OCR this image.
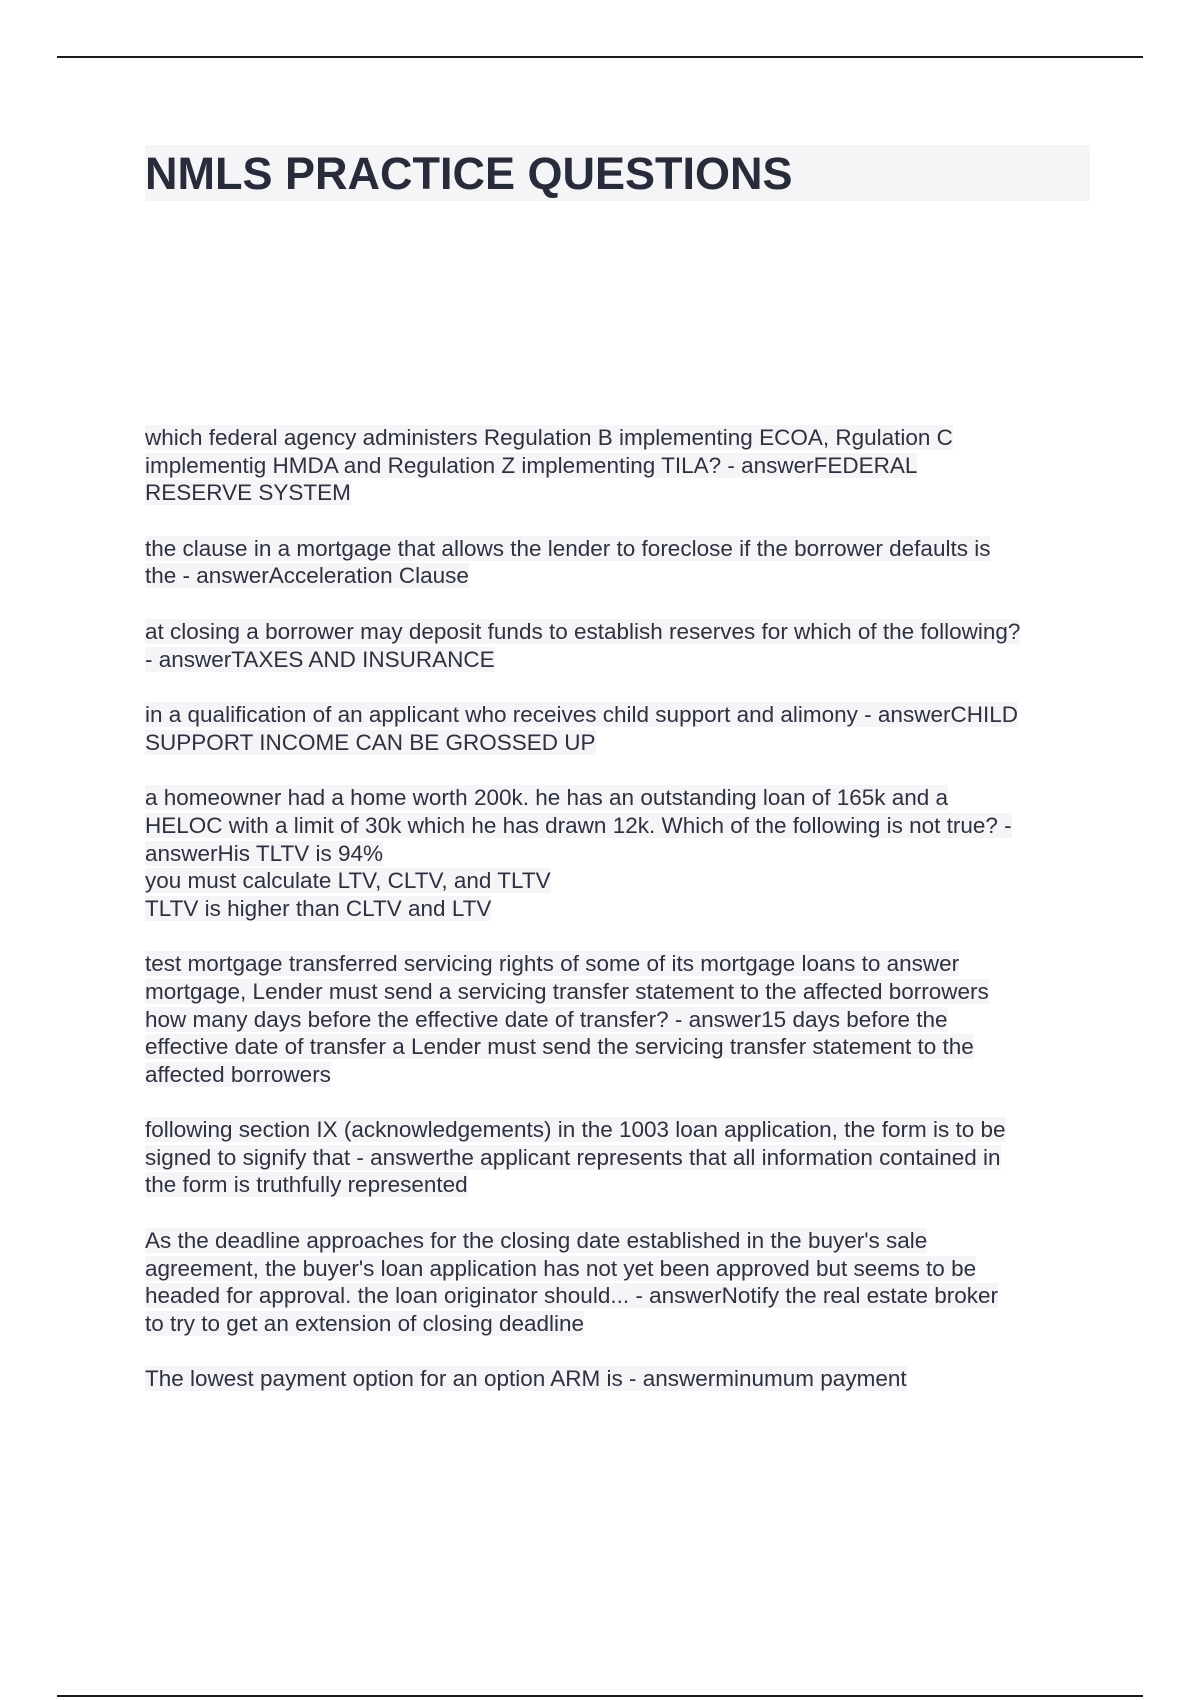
NMLS PRACTICE QUESTIONS
which federal agency administers Regulation B implementing ECOA, Rgulation C
implementig HMDA and Regulation Z implementing TILA? - answerFEDERAL
RESERVE SYSTEM
the clause in a mortgage that allows the lender to foreclose if the borrower defaults is
the - answerAcceleration Clause
at closing a borrower may deposit funds to establish reserves for which of the following?
- answerTAXES AND INSURANCE
in a qualification of an applicant who receives child support and alimony - answerCHILD
SUPPORT INCOME CAN BE GROSSED UP
a homeowner had a home worth 200k. he has an outstanding loan of 165k and a
HELOC with a limit of 30k which he has drawn 12k. Which of the following is not true? -
answerHis TLTV is 94%
you must calculate LTV, CLTV, and TLTV
TLTV is higher than CLTV and LTV
test mortgage transferred servicing rights of some of its mortgage loans to answer
mortgage, Lender must send a servicing transfer statement to the affected borrowers
how many days before the effective date of transfer? - answer15 days before the
effective date of transfer a Lender must send the servicing transfer statement to the
affected borrowers
following section IX (acknowledgements) in the 1003 loan application, the form is to be
signed to signify that - answerthe applicant represents that all information contained in
the form is truthfully represented
As the deadline approaches for the closing date established in the buyer's sale
agreement, the buyer's loan application has not yet been approved but seems to be
headed for approval. the loan originator should... - answerNotify the real estate broker
to try to get an extension of closing deadline
The lowest payment option for an option ARM is - answerminumum payment
